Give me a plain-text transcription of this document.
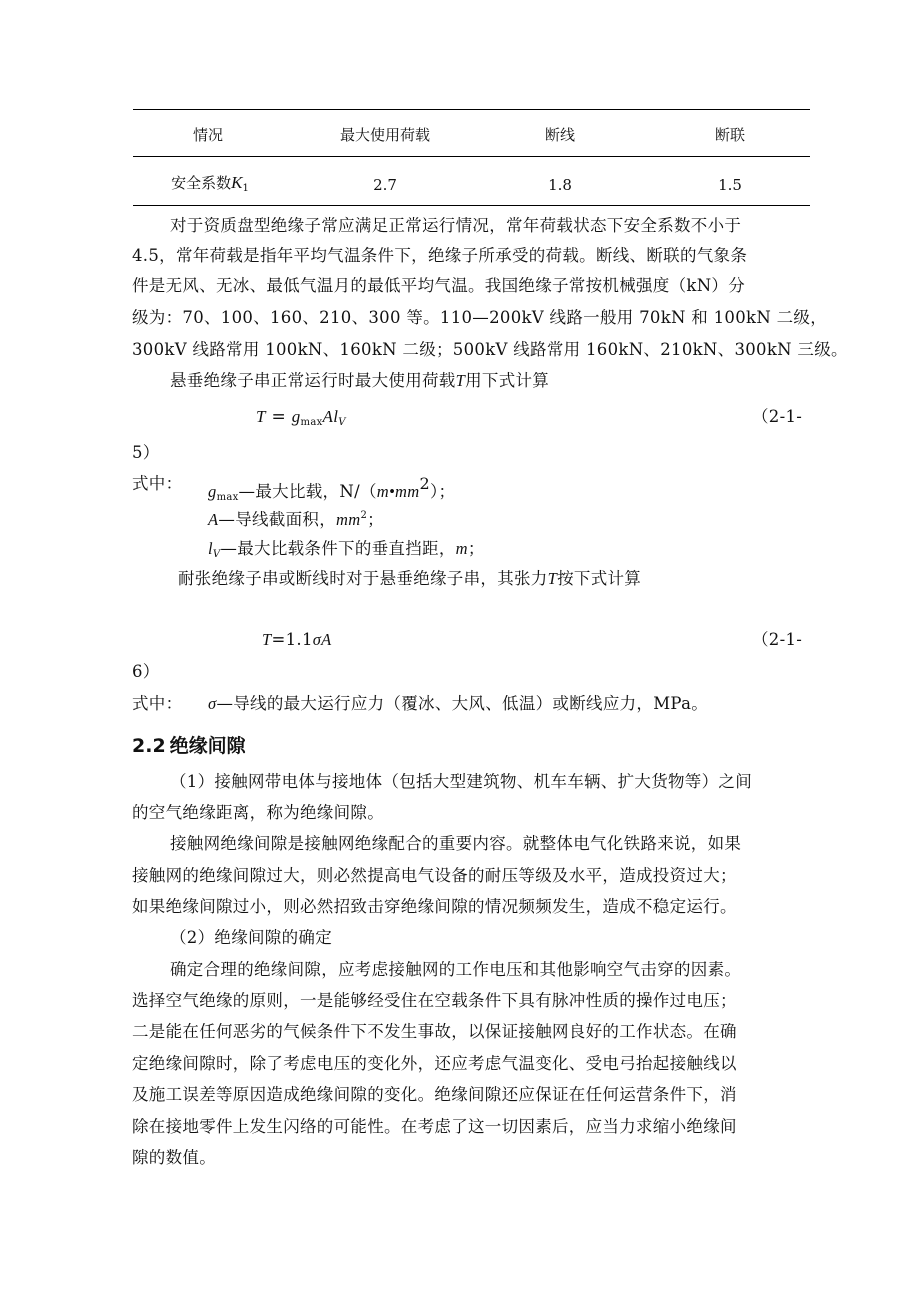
情况	最大使用荷载	断线	断联
安全系数$K_1$	2.7	1.8	1.5
对于资质盘型绝缘子常应满足正常运行情况，常年荷载状态下安全系数不小于
4.5，常年荷载是指年平均气温条件下，绝缘子所承受的荷载。断线、断联的气象条
件是无风、无冰、最低气温月的最低平均气温。我国绝缘子常按机械强度（kN）分
级为：70、100、160、210、300 等。110—200kV 线路一般用 70kN 和 100kN 二级，
300kV 线路常用 100kN、160kN 二级；500kV 线路常用 160kN、210kN、300kN 三级。
悬垂绝缘子串正常运行时最大使用荷载T用下式计算
$T = g_{max}Al_V$	（2-1-
5）
式中： $g_{max}—$最大比载，N/（m•mm2）；
A—导线截面积，$mm^2$；
$l_V—$最大比载条件下的垂直挡距，m；
耐张绝缘子串或断线时对于悬垂绝缘子串，其张力T按下式计算
T=1.1σA	（2-1-
6）
式中： σ—导线的最大运行应力（覆冰、大风、低温）或断线应力，MPa。
2.2 绝缘间隙
（1）接触网带电体与接地体（包括大型建筑物、机车车辆、扩大货物等）之间
的空气绝缘距离，称为绝缘间隙。
接触网绝缘间隙是接触网绝缘配合的重要内容。就整体电气化铁路来说，如果
接触网的绝缘间隙过大，则必然提高电气设备的耐压等级及水平，造成投资过大；
如果绝缘间隙过小，则必然招致击穿绝缘间隙的情况频频发生，造成不稳定运行。
（2）绝缘间隙的确定
确定合理的绝缘间隙，应考虑接触网的工作电压和其他影响空气击穿的因素。
选择空气绝缘的原则，一是能够经受住在空载条件下具有脉冲性质的操作过电压；
二是能在任何恶劣的气候条件下不发生事故，以保证接触网良好的工作状态。在确
定绝缘间隙时，除了考虑电压的变化外，还应考虑气温变化、受电弓抬起接触线以
及施工误差等原因造成绝缘间隙的变化。绝缘间隙还应保证在任何运营条件下，消
除在接地零件上发生闪络的可能性。在考虑了这一切因素后，应当力求缩小绝缘间
隙的数值。
